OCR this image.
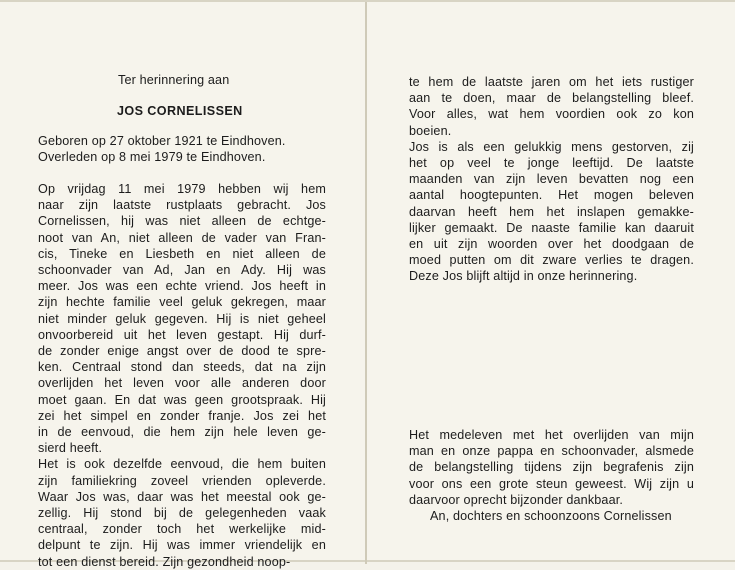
Ter herinnering aan
JOS CORNELISSEN
Geboren op 27 oktober 1921 te Eindhoven.
Overleden op 8 mei 1979 te Eindhoven.
Op vrijdag 11 mei 1979 hebben wij hem
naar zijn laatste rustplaats gebracht. Jos
Cornelissen, hij was niet alleen de echtge-
noot van An, niet alleen de vader van Fran-
cis, Tineke en Liesbeth en niet alleen de
schoonvader van Ad, Jan en Ady. Hij was
meer. Jos was een echte vriend. Jos heeft in
zijn hechte familie veel geluk gekregen, maar
niet minder geluk gegeven. Hij is niet geheel
onvoorbereid uit het leven gestapt. Hij durf-
de zonder enige angst over de dood te spre-
ken. Centraal stond dan steeds, dat na zijn
overlijden het leven voor alle anderen door
moet gaan. En dat was geen grootspraak. Hij
zei het simpel en zonder franje. Jos zei het
in de eenvoud, die hem zijn hele leven ge-
sierd heeft.
Het is ook dezelfde eenvoud, die hem buiten
zijn familiekring zoveel vrienden opleverde.
Waar Jos was, daar was het meestal ook ge-
zellig. Hij stond bij de gelegenheden vaak
centraal, zonder toch het werkelijke mid-
delpunt te zijn. Hij was immer vriendelijk en
tot een dienst bereid. Zijn gezondheid noop-
te hem de laatste jaren om het iets rustiger
aan te doen, maar de belangstelling bleef.
Voor alles, wat hem voordien ook zo kon
boeien.
Jos is als een gelukkig mens gestorven, zij
het op veel te jonge leeftijd. De laatste
maanden van zijn leven bevatten nog een
aantal hoogtepunten. Het mogen beleven
daarvan heeft hem het inslapen gemakke-
lijker gemaakt. De naaste familie kan daaruit
en uit zijn woorden over het doodgaan de
moed putten om dit zware verlies te dragen.
Deze Jos blijft altijd in onze herinnering.
Het medeleven met het overlijden van mijn
man en onze pappa en schoonvader, alsmede
de belangstelling tijdens zijn begrafenis zijn
voor ons een grote steun geweest. Wij zijn u
daarvoor oprecht bijzonder dankbaar.
An, dochters en schoonzoons Cornelissen
